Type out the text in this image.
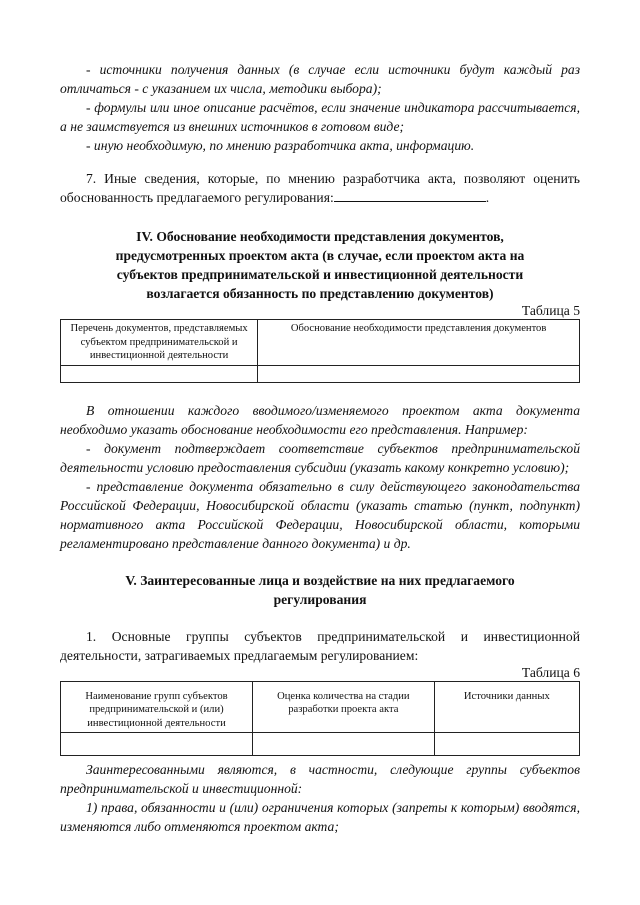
- источники получения данных (в случае если источники будут каждый раз отличаться - с указанием их числа, методики выбора);

- формулы или иное описание расчётов, если значение индикатора рассчитывается, а не заимствуется из внешних источников в готовом виде;

- иную необходимую, по мнению разработчика акта, информацию.

7. Иные сведения, которые, по мнению разработчика акта, позволяют оценить обоснованность предлагаемого регулирования:	.

IV. Обоснование необходимости представления документов, предусмотренных проектом акта (в случае, если проектом акта на субъектов предпринимательской и инвестиционной деятельности возлагается обязанность по представлению документов)

Таблица 5

Перечень документов, представляемых субъектом предпринимательской и инвестиционной деятельности	Обоснование необходимости представления документов

В отношении каждого вводимого/изменяемого проектом акта документа необходимо указать обоснование необходимости его представления. Например:

- документ подтверждает соответствие субъектов предпринимательской деятельности условию предоставления субсидии (указать какому конкретно условию);

- представление документа обязательно в силу действующего законодательства Российской Федерации, Новосибирской области (указать статью (пункт, подпункт) нормативного акта Российской Федерации, Новосибирской области, которыми регламентировано представление данного документа) и др.

V. Заинтересованные лица и воздействие на них предлагаемого регулирования

1. Основные группы субъектов предпринимательской и инвестиционной деятельности, затрагиваемых предлагаемым регулированием:

Таблица 6

Наименование групп субъектов предпринимательской и (или) инвестиционной деятельности	Оценка количества на стадии разработки проекта акта	Источники данных

Заинтересованными являются, в частности, следующие группы субъектов предпринимательской и инвестиционной:

1) права, обязанности и (или) ограничения которых (запреты к которым) вводятся, изменяются либо отменяются проектом акта;
